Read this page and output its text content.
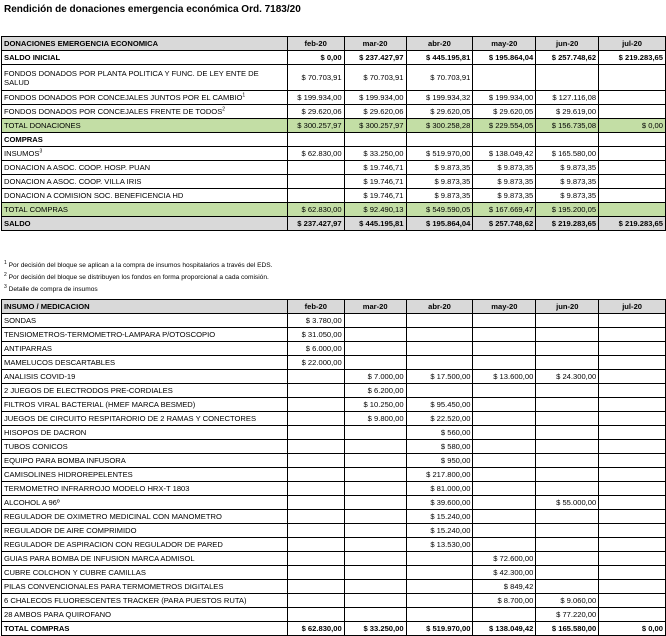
Rendición de donaciones emergencia económica Ord. 7183/20
DONACIONES EMERGENCIA ECONOMICA	feb-20	mar-20	abr-20	may-20	jun-20	jul-20
SALDO INICIAL	$ 0,00	$ 237.427,97	$ 445.195,81	$ 195.864,04	$ 257.748,62	$ 219.283,65
FONDOS DONADOS POR PLANTA POLITICA Y FUNC. DE LEY ENTE DE SALUD	$ 70.703,91	$ 70.703,91	$ 70.703,91			
FONDOS DONADOS POR CONCEJALES JUNTOS POR EL CAMBIO$^1$	$ 199.934,00	$ 199.934,00	$ 199.934,32	$ 199.934,00	$ 127.116,08	
FONDOS DONADOS POR CONCEJALES FRENTE DE TODOS$^2$	$ 29.620,06	$ 29.620,06	$ 29.620,05	$ 29.620,05	$ 29.619,00	
TOTAL DONACIONES	$ 300.257,97	$ 300.257,97	$ 300.258,28	$ 229.554,05	$ 156.735,08	$ 0,00
COMPRAS						
INSUMOS$^3$	$ 62.830,00	$ 33.250,00	$ 519.970,00	$ 138.049,42	$ 165.580,00	
DONACION A ASOC. COOP. HOSP. PUAN		$ 19.746,71	$ 9.873,35	$ 9.873,35	$ 9.873,35	
DONACION A ASOC. COOP. VILLA IRIS		$ 19.746,71	$ 9.873,35	$ 9.873,35	$ 9.873,35	
DONACION A COMISION SOC. BENEFICENCIA HD		$ 19.746,71	$ 9.873,35	$ 9.873,35	$ 9.873,35	
TOTAL COMPRAS	$ 62.830,00	$ 92.490,13	$ 549.590,05	$ 167.669,47	$ 195.200,05	
SALDO	$ 237.427,97	$ 445.195,81	$ 195.864,04	$ 257.748,62	$ 219.283,65	$ 219.283,65
$^1$ Por decisión del bloque se aplican a la compra de insumos hospitalarios a través del EDS.
$^2$ Por decisión del bloque se distribuyen los fondos en forma proporcional a cada comisión.
$^3$ Detalle de compra de insumos
INSUMO / MEDICACION	feb-20	mar-20	abr-20	may-20	jun-20	jul-20
SONDAS	$ 3.780,00					
TENSIOMETROS-TERMOMETRO-LAMPARA P/OTOSCOPIO	$ 31.050,00					
ANTIPARRAS	$ 6.000,00					
MAMELUCOS DESCARTABLES	$ 22.000,00					
ANALISIS COVID-19		$ 7.000,00	$ 17.500,00	$ 13.600,00	$ 24.300,00	
2 JUEGOS DE ELECTRODOS PRE-CORDIALES		$ 6.200,00				
FILTROS VIRAL BACTERIAL (HMEF MARCA BESMED)		$ 10.250,00	$ 95.450,00			
JUEGOS DE CIRCUITO RESPITARORIO DE 2 RAMAS Y CONECTORES		$ 9.800,00	$ 22.520,00			
HISOPOS DE DACRON			$ 560,00			
TUBOS CONICOS			$ 580,00			
EQUIPO PARA BOMBA INFUSORA			$ 950,00			
CAMISOLINES HIDROREPELENTES			$ 217.800,00			
TERMOMETRO INFRARROJO MODELO HRX-T 1803			$ 81.000,00			
ALCOHOL A 96º			$ 39.600,00		$ 55.000,00	
REGULADOR DE OXIMETRO MEDICINAL CON MANOMETRO			$ 15.240,00			
REGULADOR DE AIRE COMPRIMIDO			$ 15.240,00			
REGULADOR DE ASPIRACION CON REGULADOR DE PARED			$ 13.530,00			
GUIAS PARA BOMBA DE INFUSION MARCA ADMISOL				$ 72.600,00		
CUBRE COLCHON Y CUBRE CAMILLAS				$ 42.300,00		
PILAS CONVENCIONALES PARA TERMOMETROS DIGITALES				$ 849,42		
6 CHALECOS FLUORESCENTES TRACKER (PARA PUESTOS RUTA)				$ 8.700,00	$ 9.060,00	
28 AMBOS PARA QUIROFANO					$ 77.220,00	
TOTAL COMPRAS	$ 62.830,00	$ 33.250,00	$ 519.970,00	$ 138.049,42	$ 165.580,00	$ 0,00
